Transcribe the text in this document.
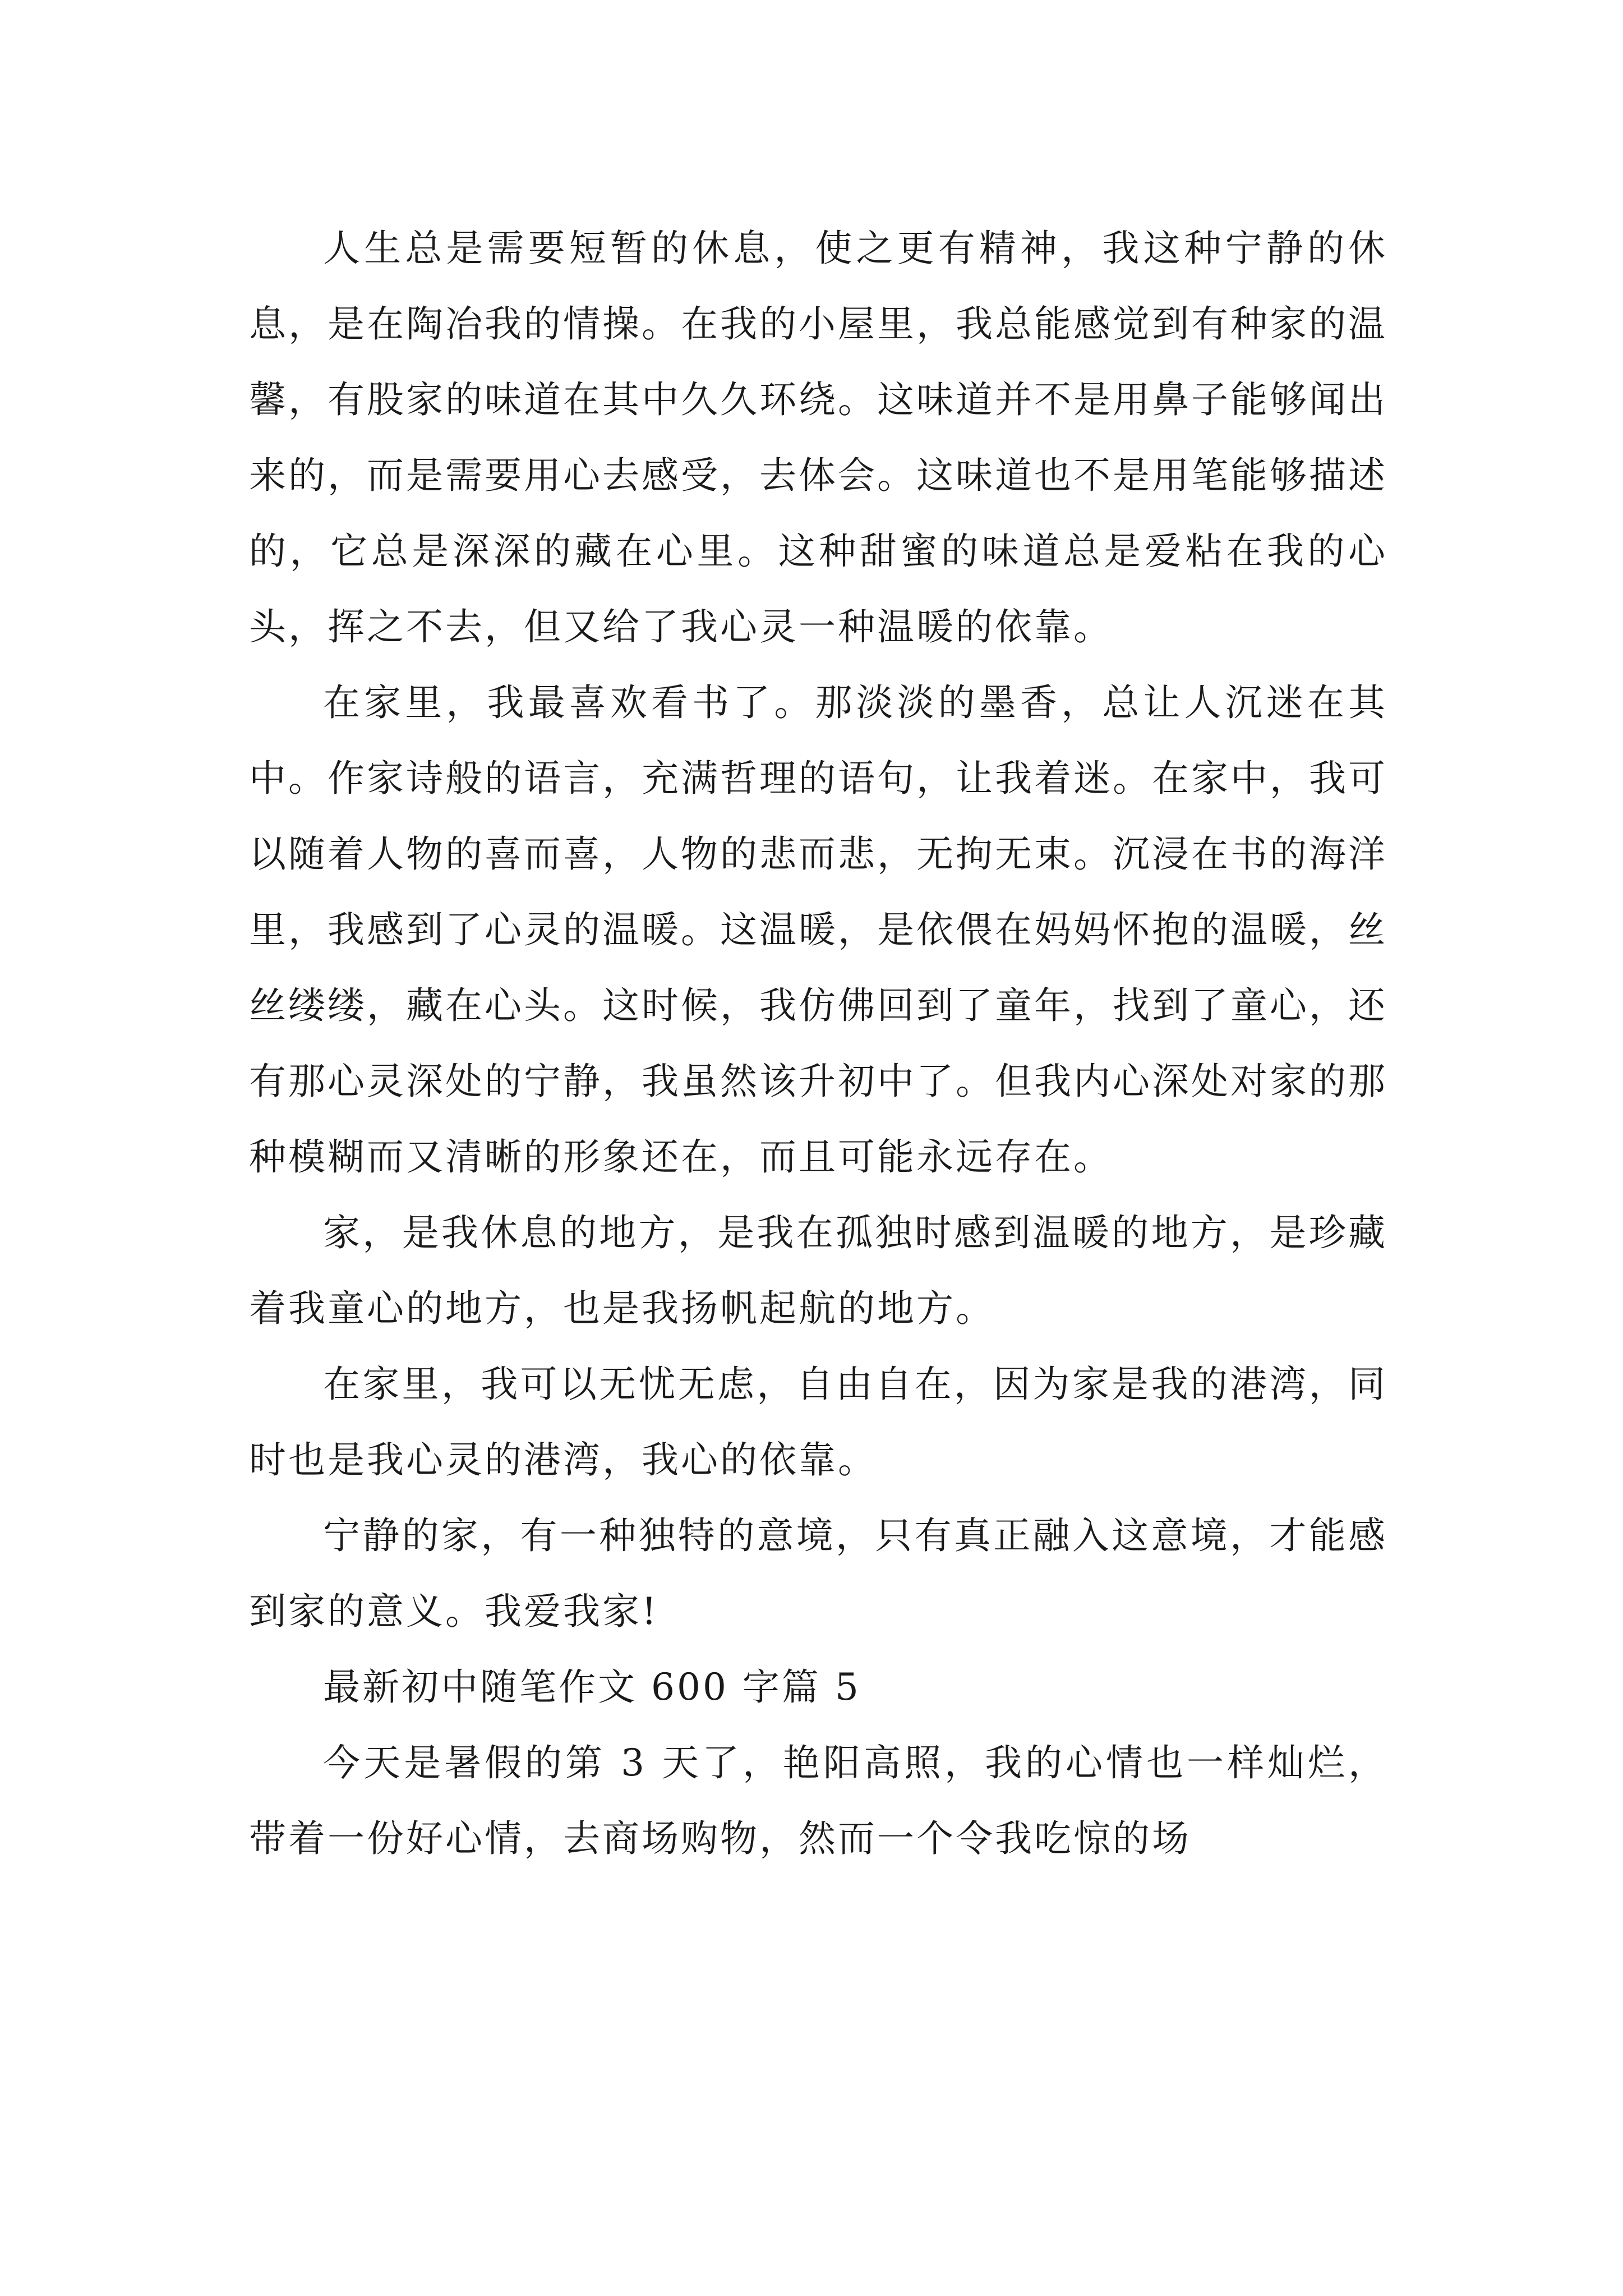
人生总是需要短暂的休息，使之更有精神，我这种宁静的休息，是在陶冶我的情操。在我的小屋里，我总能感觉到有种家的温馨，有股家的味道在其中久久环绕。这味道并不是用鼻子能够闻出来的，而是需要用心去感受，去体会。这味道也不是用笔能够描述的，它总是深深的藏在心里。这种甜蜜的味道总是爱粘在我的心头，挥之不去，但又给了我心灵一种温暖的依靠。

在家里，我最喜欢看书了。那淡淡的墨香，总让人沉迷在其中。作家诗般的语言，充满哲理的语句，让我着迷。在家中，我可以随着人物的喜而喜，人物的悲而悲，无拘无束。沉浸在书的海洋里，我感到了心灵的温暖。这温暖，是依偎在妈妈怀抱的温暖，丝丝缕缕，藏在心头。这时候，我仿佛回到了童年，找到了童心，还有那心灵深处的宁静，我虽然该升初中了。但我内心深处对家的那种模糊而又清晰的形象还在，而且可能永远存在。

家，是我休息的地方，是我在孤独时感到温暖的地方，是珍藏着我童心的地方，也是我扬帆起航的地方。

在家里，我可以无忧无虑，自由自在，因为家是我的港湾，同时也是我心灵的港湾，我心的依靠。

宁静的家，有一种独特的意境，只有真正融入这意境，才能感到家的意义。我爱我家!

最新初中随笔作文 600 字篇 5

今天是暑假的第 3 天了，艳阳高照，我的心情也一样灿烂，带着一份好心情，去商场购物，然而一个令我吃惊的场
